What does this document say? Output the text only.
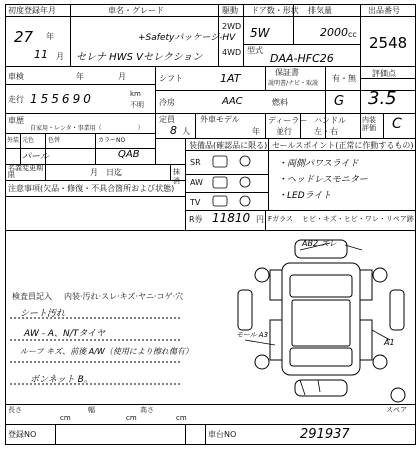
初度登録年月	車名・グレード	駆動 ドア数・形状 排気量	出品番号
27 年
11 月
+Safetyパッケージ-HV
セレナ HWS Vセレクション
2WD
4WD
5W	2000 cc
型式
DAA-HFC26
2548
車検	年	月
走行 155690	km
不明
車歴
自家用・レンタ・事業用（　　　　　　）
外装 元色 色替	カラーNO
パール	QAB
名義変更期限	月　日迄	抹消
注意事項(欠品・修復・不具合箇所および状態)
シフト	1AT	保証書
説明書/ナビ・取説
有・無
評価点
3.5
冷房	AAC	燃料	G
定員
8 人
外車モデル
年
ディーラー
並行
ハンドル
左・右
内装評価	C
装備品(確認品に限る)
SR
AW
TV
セールスポイント(正常に作動するもの)
・両側パワスライド
・ヘッドレスモニター
・LEDライト
R券 11810 円 Fガラス ヒビ・キズ・ヒビ・ワレ・リペア跡
検査員記入 内装·汚れ·スレ·キズ·ヤニ·コゲ·穴
シート汚れ
AW - A、N/Tタイヤ
ルーフ キズ、前後 A/W（使用により擦れ傷有）
ボンネット B。
AB2 ズレ
モール A3
A1
スペア
長さ
cm
幅
cm
高さ
cm
登録NO	車台NO	291937
